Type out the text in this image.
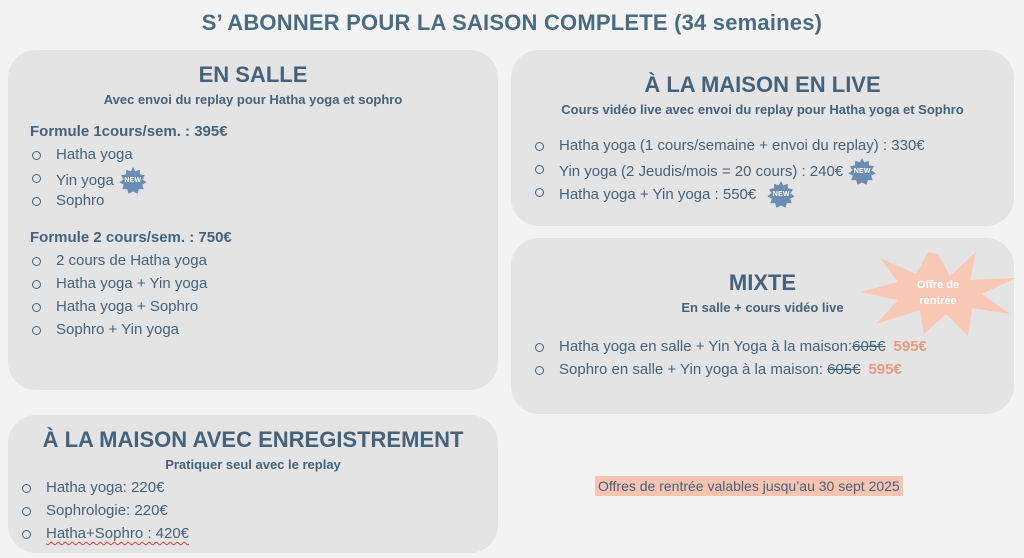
S’ ABONNER POUR LA SAISON COMPLETE (34 semaines)
EN SALLE
Avec envoi du replay pour Hatha yoga et sophro
Formule 1cours/sem. : 395€
Hatha yoga
Yin yoga	NEW
Sophro
Formule 2 cours/sem. : 750€
2 cours de Hatha yoga
Hatha yoga + Yin yoga
Hatha yoga + Sophro
Sophro + Yin yoga
À LA MAISON EN LIVE
Cours vidéo live avec envoi du replay pour Hatha yoga et Sophro
Hatha yoga (1 cours/semaine + envoi du replay) : 330€
Yin yoga (2 Jeudis/mois = 20 cours) : 240€	NEW
Hatha yoga + Yin yoga : 550€	NEW
MIXTE
En salle + cours vidéo live
Hatha yoga en salle + Yin Yoga à la maison:605€ 595€
Sophro en salle + Yin yoga à la maison: 605€ 595€
Offre de rentrée
À LA MAISON AVEC ENREGISTREMENT
Pratiquer seul avec le replay
Hatha yoga: 220€
Sophrologie: 220€
Hatha+Sophro : 420€
Offres de rentrée valables jusqu’au 30 sept 2025
